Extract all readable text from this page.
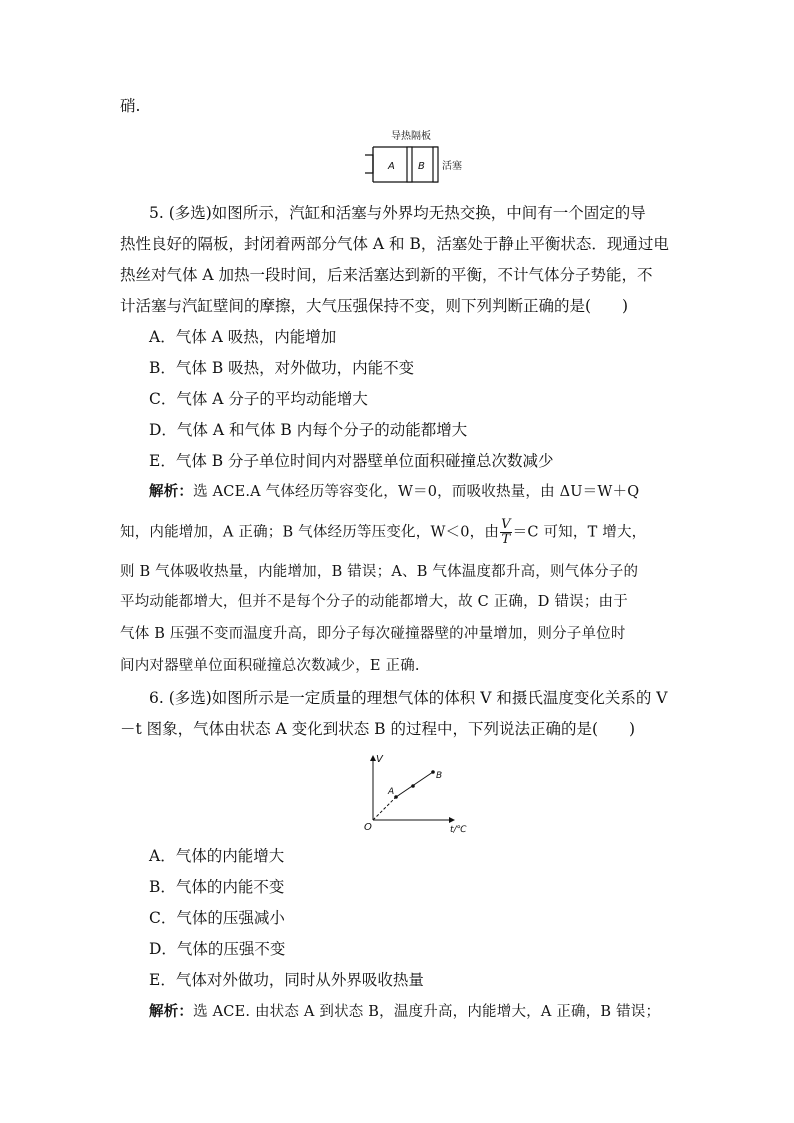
硝.
导热隔板
A B 活塞
5. (多选)如图所示，汽缸和活塞与外界均无热交换，中间有一个固定的导
热性良好的隔板，封闭着两部分气体 A 和 B，活塞处于静止平衡状态．现通过电
热丝对气体 A 加热一段时间，后来活塞达到新的平衡，不计气体分子势能，不
计活塞与汽缸壁间的摩擦，大气压强保持不变，则下列判断正确的是(　　)
A．气体 A 吸热，内能增加
B．气体 B 吸热，对外做功，内能不变
C．气体 A 分子的平均动能增大
D．气体 A 和气体 B 内每个分子的动能都增大
E．气体 B 分子单位时间内对器壁单位面积碰撞总次数减少
解析：选 ACE.A 气体经历等容变化，W＝0，而吸收热量，由 ΔU＝W＋Q
知，内能增加，A 正确；B 气体经历等压变化，W＜0，由 $\frac{V}{T} =C$ 可知，T 增大，
则 B 气体吸收热量，内能增加，B 错误；A、B 气体温度都升高，则气体分子的
平均动能都增大，但并不是每个分子的动能都增大，故 C 正确，D 错误；由于
气体 B 压强不变而温度升高，即分子每次碰撞器壁的冲量增加，则分子单位时
间内对器壁单位面积碰撞总次数减少，E 正确.
6. (多选)如图所示是一定质量的理想气体的体积 V 和摄氏温度变化关系的 V
－t 图象，气体由状态 A 变化到状态 B 的过程中，下列说法正确的是(　　)
V
t/℃
O
A
B
A．气体的内能增大
B．气体的内能不变
C．气体的压强减小
D．气体的压强不变
E．气体对外做功，同时从外界吸收热量
解析：选 ACE. 由状态 A 到状态 B，温度升高，内能增大，A 正确，B 错误；
